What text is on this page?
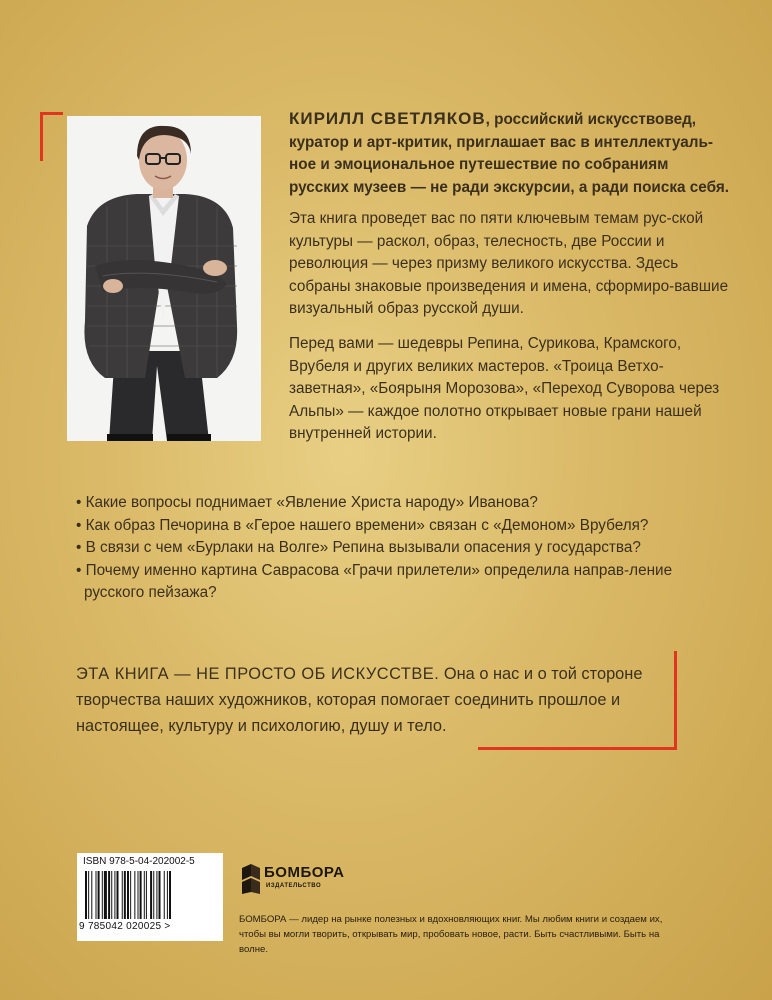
КИРИЛЛ СВЕТЛЯКОВ, российский искусствовед, куратор и арт-критик, приглашает вас в интеллектуаль-ное и эмоциональное путешествие по собраниям русских музеев — не ради экскурсии, а ради поиска себя.
Эта книга проведет вас по пяти ключевым темам рус-ской культуры — раскол, образ, телесность, две России и революция — через призму великого искусства. Здесь собраны знаковые произведения и имена, сформиро-вавшие визуальный образ русской души.
Перед вами — шедевры Репина, Сурикова, Крамского, Врубеля и других великих мастеров. «Троица Ветхо-заветная», «Боярыня Морозова», «Переход Суворова через Альпы» — каждое полотно открывает новые грани нашей внутренней истории.
• Какие вопросы поднимает «Явление Христа народу» Иванова?
• Как образ Печорина в «Герое нашего времени» связан с «Демоном» Врубеля?
• В связи с чем «Бурлаки на Волге» Репина вызывали опасения у государства?
• Почему именно картина Саврасова «Грачи прилетели» определила направ-ление русского пейзажа?
ЭТА КНИГА — НЕ ПРОСТО ОБ ИСКУССТВЕ. Она о нас и о той стороне творчества наших художников, которая помогает соединить прошлое и настоящее, культуру и психологию, душу и тело.
ISBN 978-5-04-202002-5
9 785042 020025 >
БОМБОРА
ИЗДАТЕЛЬСТВО
БОМБОРА — лидер на рынке полезных и вдохновляющих книг. Мы любим книги и создаем их, чтобы вы могли творить, открывать мир, пробовать новое, расти. Быть счастливыми. Быть на волне.
